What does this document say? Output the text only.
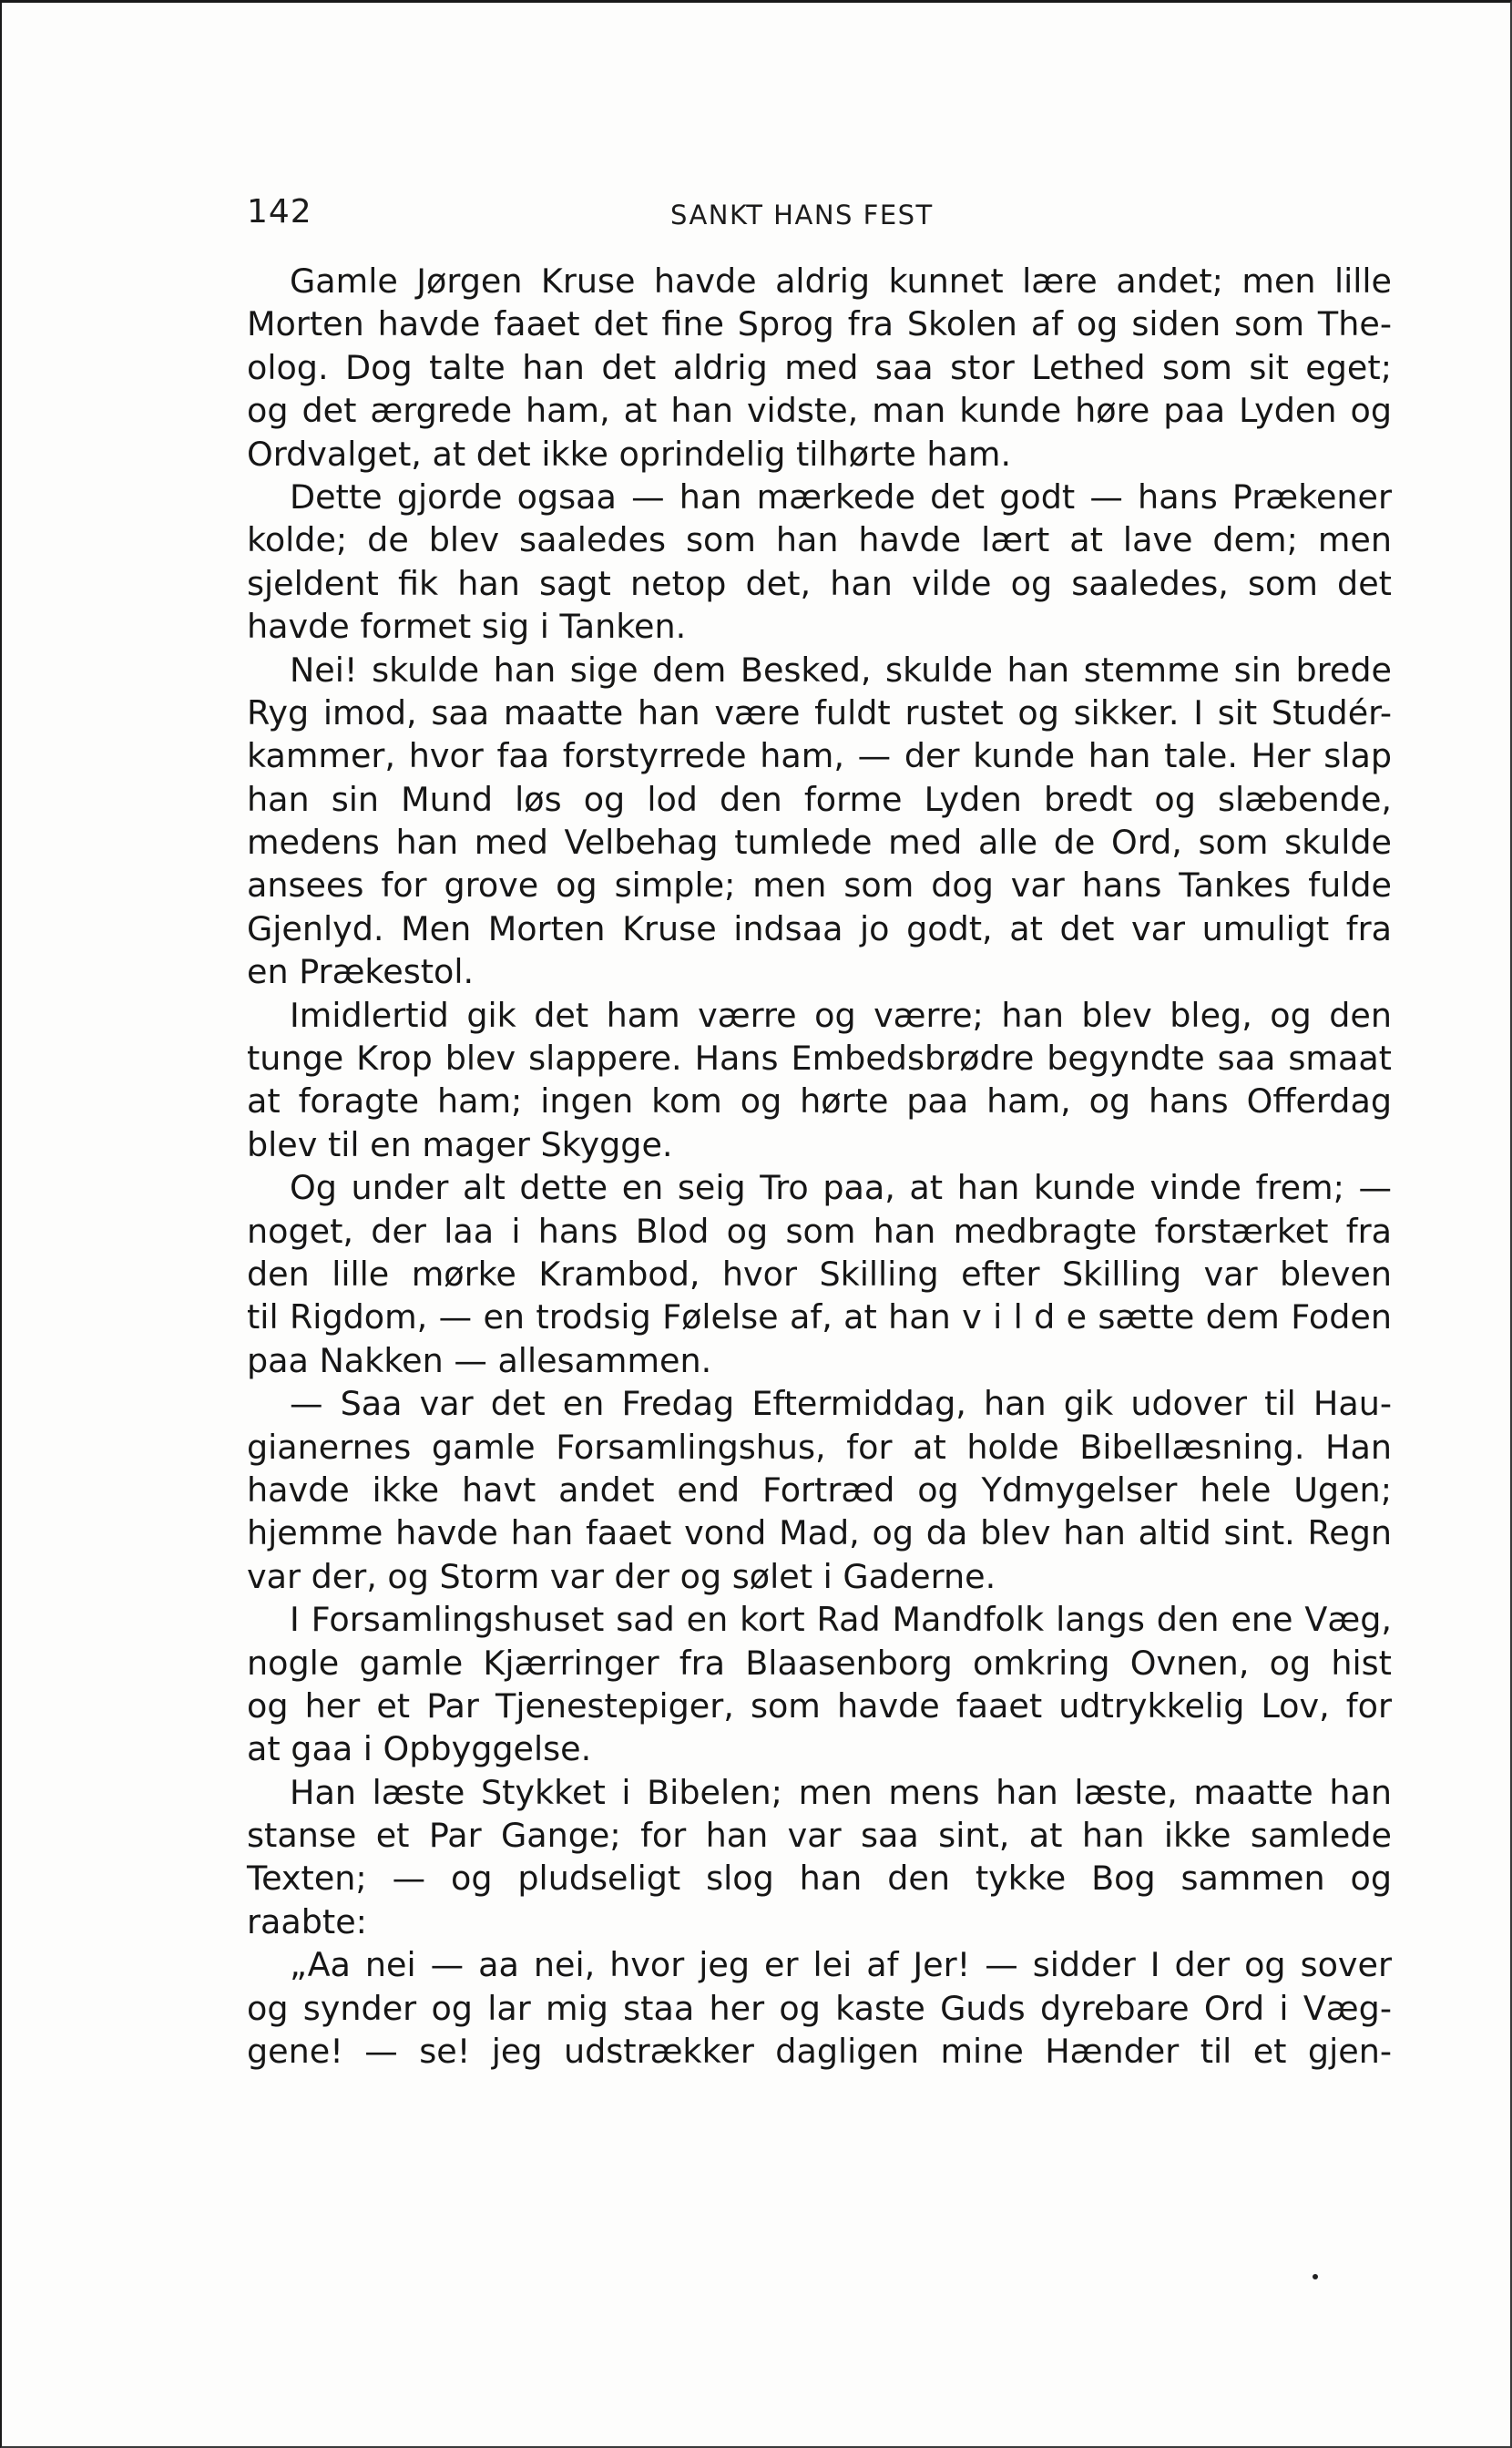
142	SANKT HANS FEST
Gamle Jørgen Kruse havde aldrig kunnet lære andet; men lille
Morten havde faaet det fine Sprog fra Skolen af og siden som The-
olog. Dog talte han det aldrig med saa stor Lethed som sit eget;
og det ærgrede ham, at han vidste, man kunde høre paa Lyden og
Ordvalget, at det ikke oprindelig tilhørte ham.
Dette gjorde ogsaa — han mærkede det godt — hans Prækener
kolde; de blev saaledes som han havde lært at lave dem; men
sjeldent fik han sagt netop det, han vilde og saaledes, som det
havde formet sig i Tanken.
Nei! skulde han sige dem Besked, skulde han stemme sin brede
Ryg imod, saa maatte han være fuldt rustet og sikker. I sit Studér-
kammer, hvor faa forstyrrede ham, — der kunde han tale. Her slap
han sin Mund løs og lod den forme Lyden bredt og slæbende,
medens han med Velbehag tumlede med alle de Ord, som skulde
ansees for grove og simple; men som dog var hans Tankes fulde
Gjenlyd. Men Morten Kruse indsaa jo godt, at det var umuligt fra
en Prækestol.
Imidlertid gik det ham værre og værre; han blev bleg, og den
tunge Krop blev slappere. Hans Embedsbrødre begyndte saa smaat
at foragte ham; ingen kom og hørte paa ham, og hans Offerdag
blev til en mager Skygge.
Og under alt dette en seig Tro paa, at han kunde vinde frem; —
noget, der laa i hans Blod og som han medbragte forstærket fra
den lille mørke Krambod, hvor Skilling efter Skilling var bleven
til Rigdom, — en trodsig Følelse af, at han v i l d e sætte dem Foden
paa Nakken — allesammen.
— Saa var det en Fredag Eftermiddag, han gik udover til Hau-
gianernes gamle Forsamlingshus, for at holde Bibellæsning. Han
havde ikke havt andet end Fortræd og Ydmygelser hele Ugen;
hjemme havde han faaet vond Mad, og da blev han altid sint. Regn
var der, og Storm var der og sølet i Gaderne.
I Forsamlingshuset sad en kort Rad Mandfolk langs den ene Væg,
nogle gamle Kjærringer fra Blaasenborg omkring Ovnen, og hist
og her et Par Tjenestepiger, som havde faaet udtrykkelig Lov, for
at gaa i Opbyggelse.
Han læste Stykket i Bibelen; men mens han læste, maatte han
stanse et Par Gange; for han var saa sint, at han ikke samlede
Texten; — og pludseligt slog han den tykke Bog sammen og
raabte:
„Aa nei — aa nei, hvor jeg er lei af Jer! — sidder I der og sover
og synder og lar mig staa her og kaste Guds dyrebare Ord i Væg-
gene! — se! jeg udstrækker dagligen mine Hænder til et gjen-
